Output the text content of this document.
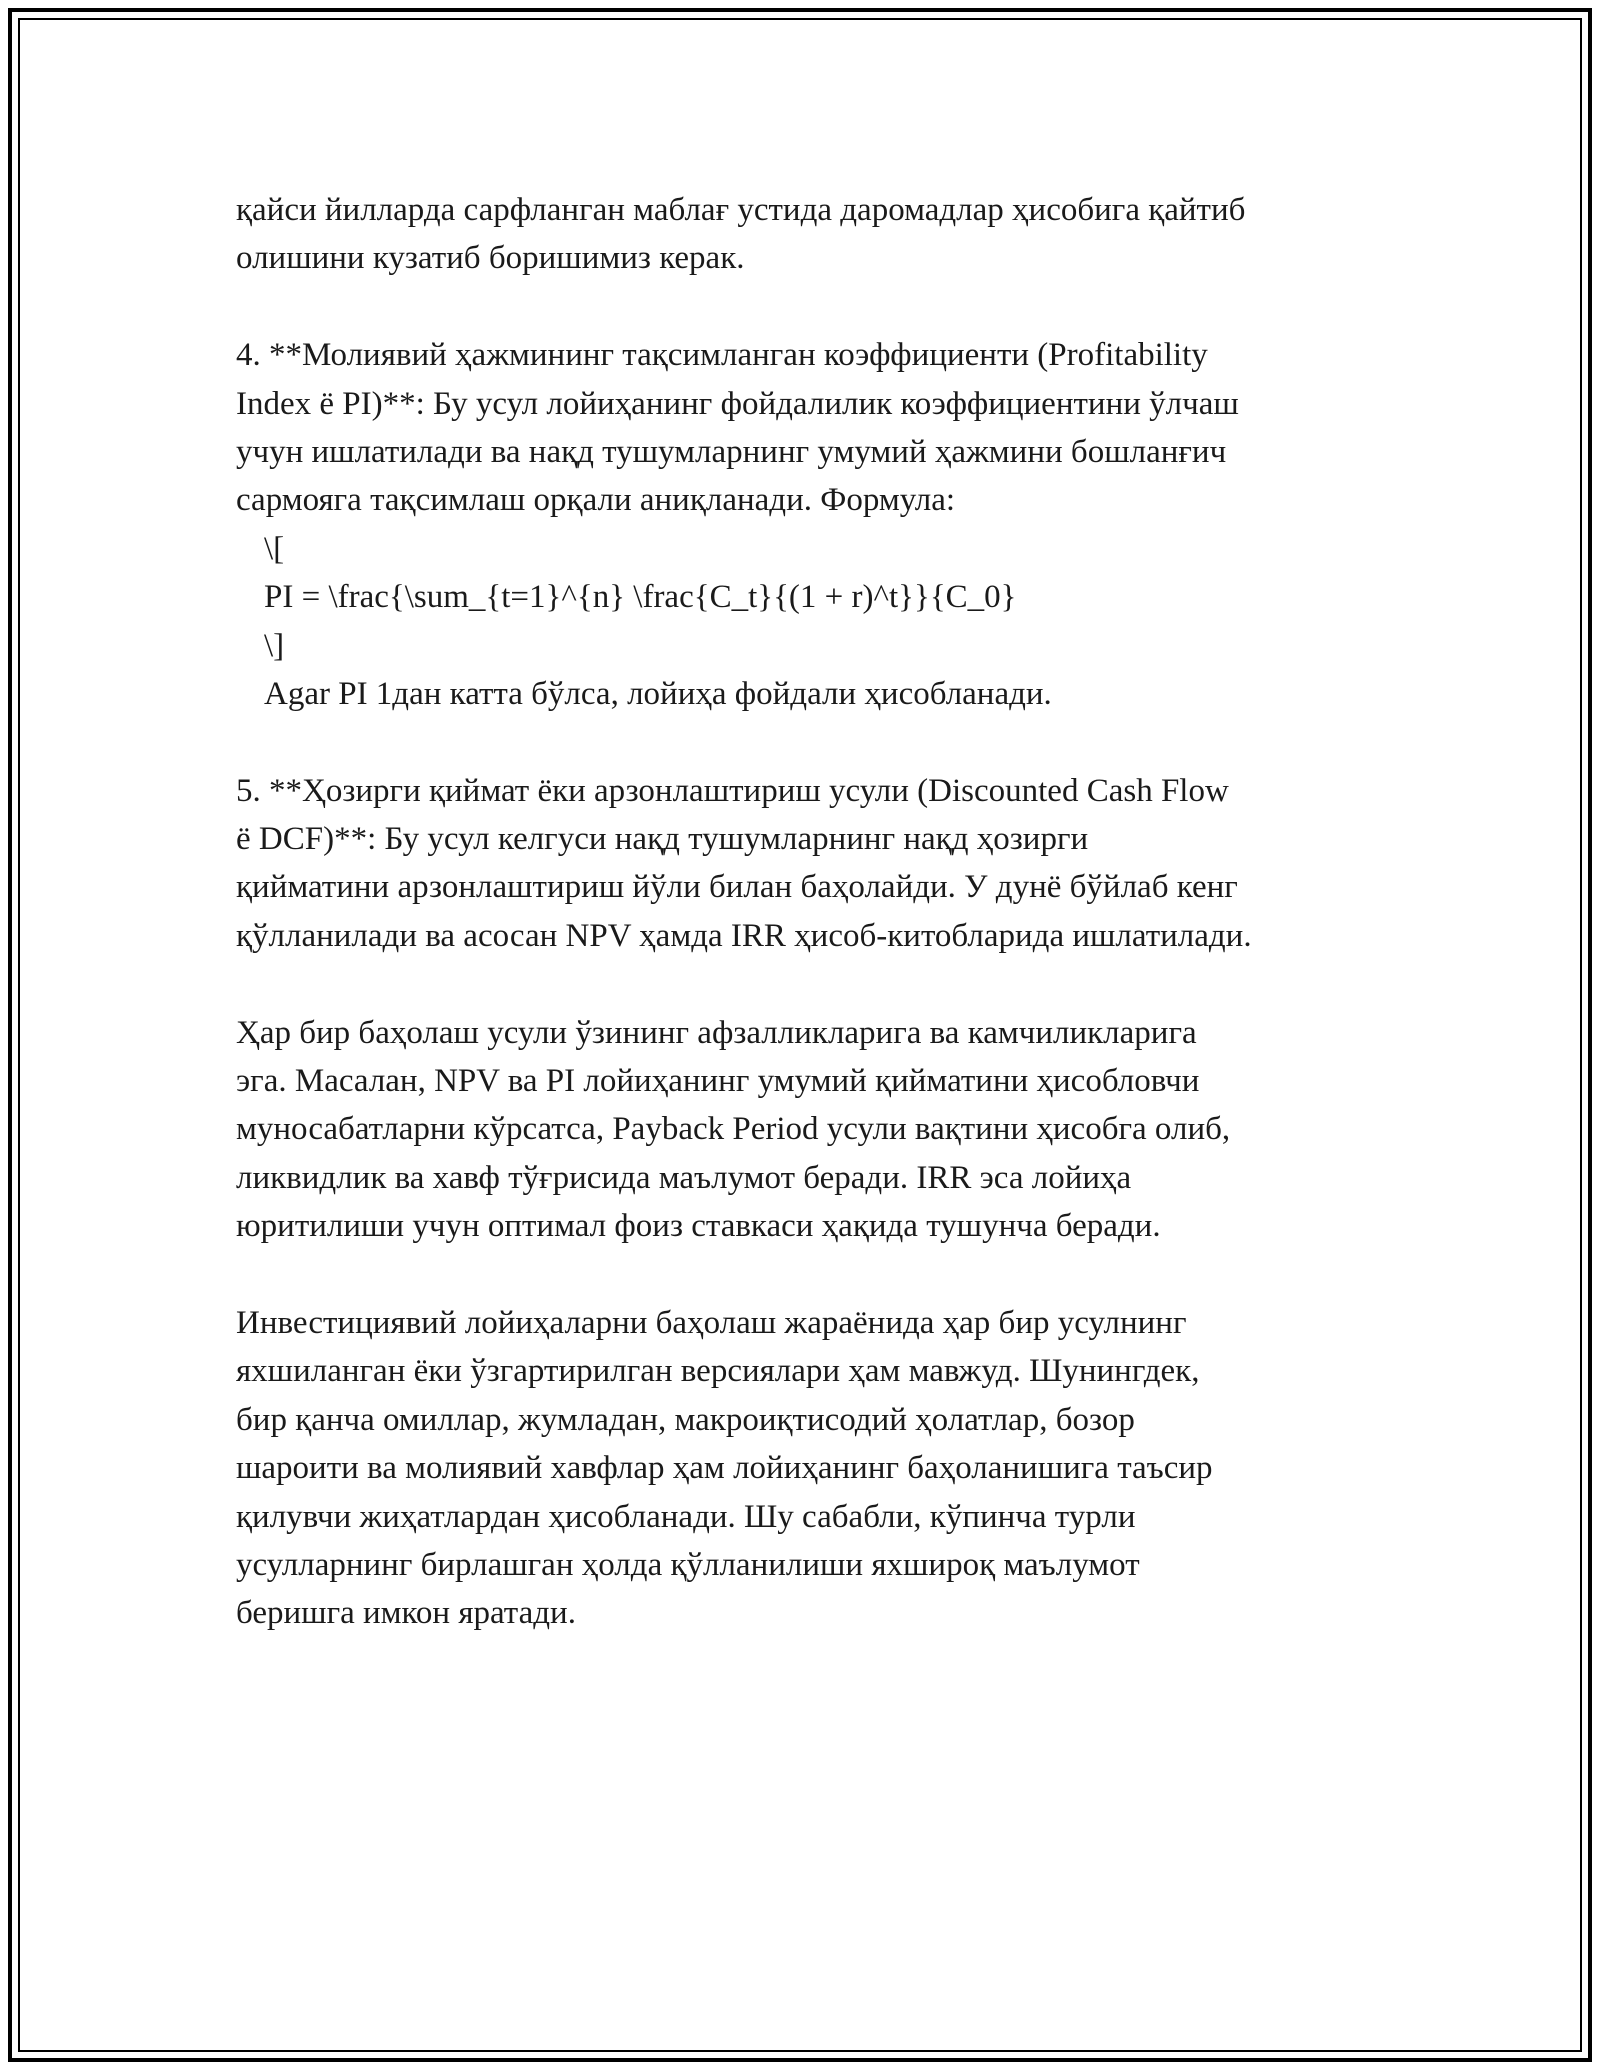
қайси йилларда сарфланган маблағ устида даромадлар ҳисобига қайтиб
олишини кузатиб боришимиз керак.
4. **Молиявий ҳажмининг тақсимланган коэффициенти (Profitability
Index ё PI)**: Бу усул лойиҳанинг фойдалилик коэффициентини ўлчаш
учун ишлатилади ва нақд тушумларнинг умумий ҳажмини бошланғич
сармояга тақсимлаш орқали аниқланади. Формула:
\[
PI = \frac{\sum_{t=1}^{n} \frac{C_t}{(1 + r)^t}}{C_0}
\]
Agar PI 1дан катта бўлса, лойиҳа фойдали ҳисобланади.
5. **Ҳозирги қиймат ёки арзонлаштириш усули (Discounted Cash Flow
ё DCF)**: Бу усул келгуси нақд тушумларнинг нақд ҳозирги
қийматини арзонлаштириш йўли билан баҳолайди. У дунё бўйлаб кенг
қўлланилади ва асосан NPV ҳамда IRR ҳисоб-китобларида ишлатилади.
Ҳар бир баҳолаш усули ўзининг афзалликларига ва камчиликларига
эга. Масалан, NPV ва PI лойиҳанинг умумий қийматини ҳисобловчи
муносабатларни кўрсатса, Payback Period усули вақтини ҳисобга олиб,
ликвидлик ва хавф тўғрисида маълумот беради. IRR эса лойиҳа
юритилиши учун оптимал фоиз ставкаси ҳақида тушунча беради.
Инвестициявий лойиҳаларни баҳолаш жараёнида ҳар бир усулнинг
яхшиланган ёки ўзгартирилган версиялари ҳам мавжуд. Шунингдек,
бир қанча омиллар, жумладан, макроиқтисодий ҳолатлар, бозор
шароити ва молиявий хавфлар ҳам лойиҳанинг баҳоланишига таъсир
қилувчи жиҳатлардан ҳисобланади. Шу сабабли, кўпинча турли
усулларнинг бирлашган ҳолда қўлланилиши яхшироқ маълумот
беришга имкон яратади.
